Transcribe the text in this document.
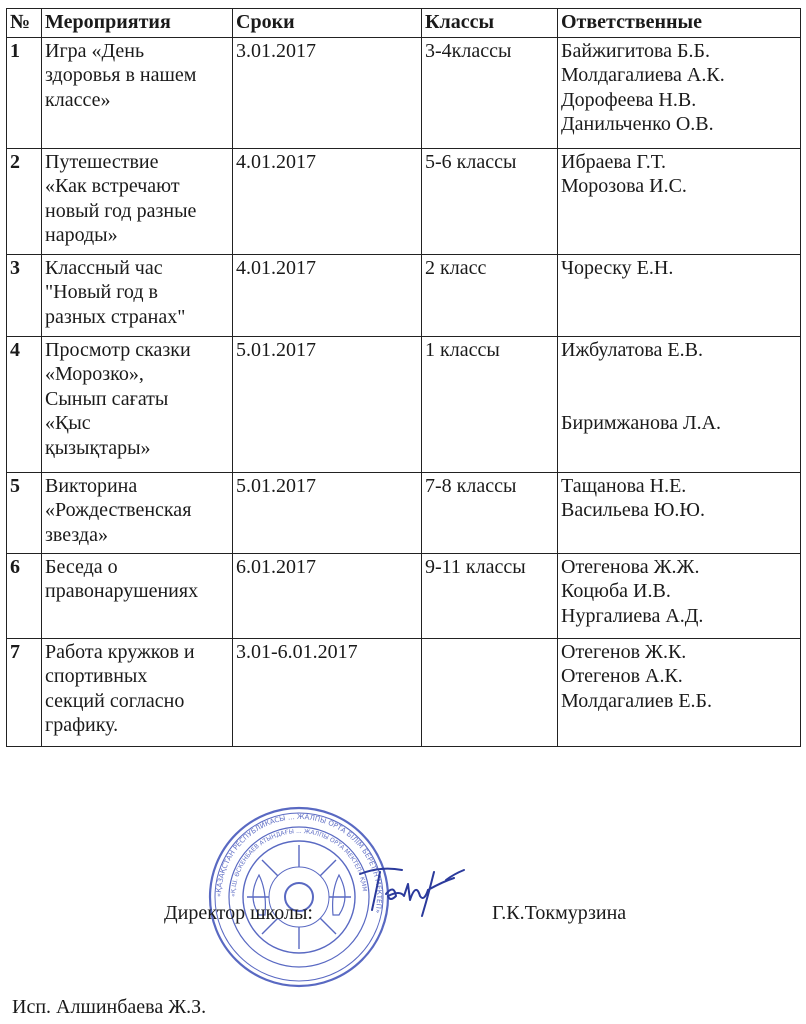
№	Мероприятия	Сроки	Классы	Ответственные
1	Игра «День
здоровья в нашем
классе»	3.01.2017	3-4классы	Байжигитова Б.Б.
Молдагалиева А.К.
Дорофеева Н.В.
Данильченко О.В.
2	Путешествие
«Как встречают
новый год разные
народы»	4.01.2017	5-6 классы	Ибраева Г.Т.
Морозова И.С.
3	Классный час
"Новый год в
разных странах"	4.01.2017	2 класс	Чореску Е.Н.
4	Просмотр сказки
«Морозко»,
Сынып сағаты
«Қыс
қызықтары»	5.01.2017	1 классы	Ижбулатова Е.В.

Биримжанова Л.А.
5	Викторина
«Рождественская
звезда»	5.01.2017	7-8 классы	Тащанова Н.Е.
Васильева Ю.Ю.
6	Беседа о
правонарушениях	6.01.2017	9-11 классы	Отегенова Ж.Ж.
Коцюба И.В.
Нургалиева А.Д.
7	Работа кружков и
спортивных
секций согласно
графику.	3.01-6.01.2017		Отегенов Ж.К.
Отегенов А.К.
Молдагалиев Е.Б.
«ҚАЗАҚСТАН РЕСПУБЛИКАСЫ ... ЖАЛПЫ ОРТА БІЛІМ БЕРЕТІН МЕКТЕП»
«Қ.Ш. ӨСКЕНБАЕВ АТЫНДАҒЫ ... ЖАЛПЫ ОРТА МЕКТЕП» ҚММ
Директор школы:	Г.К.Токмурзина
Исп. Алшинбаева Ж.З.
